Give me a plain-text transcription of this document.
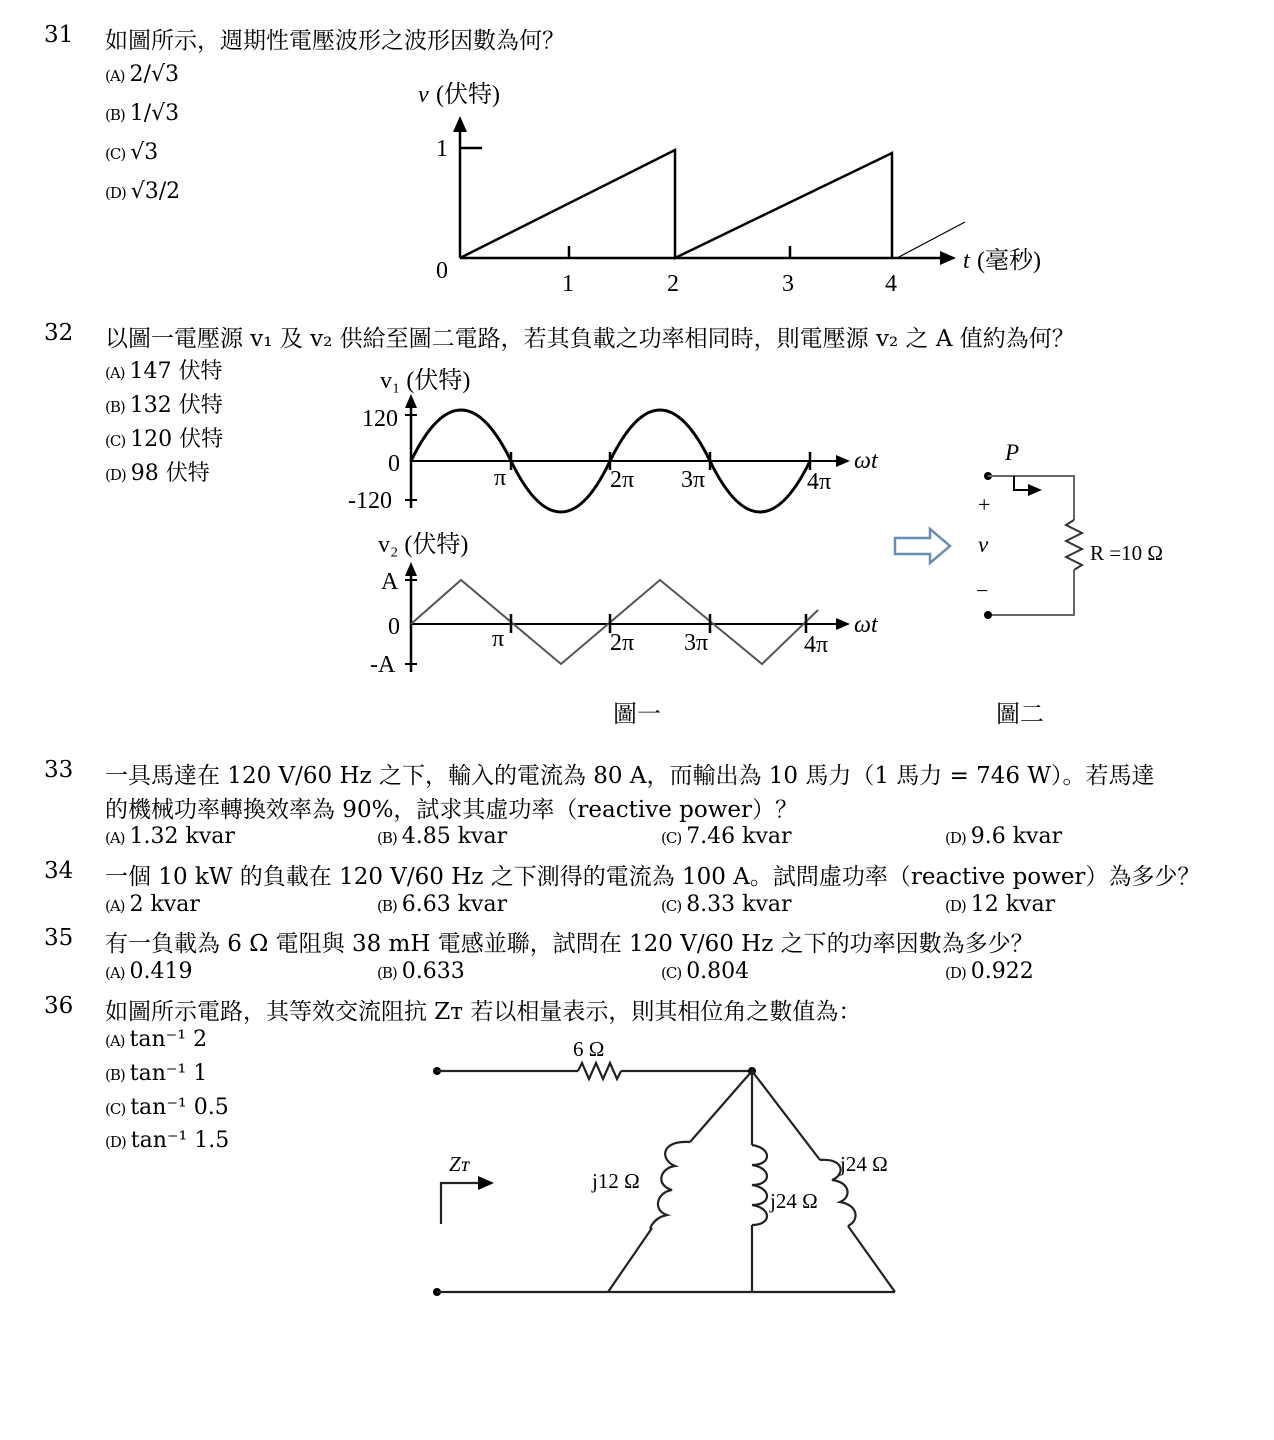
31 如圖所示，週期性電壓波形之波形因數為何？
(A) 2/√3
(B) 1/√3
(C) √3
(D) √3/2
v (伏特)
1
0	1	2	3	4
t (毫秒)
32 以圖一電壓源 v₁ 及 v₂ 供給至圖二電路，若其負載之功率相同時，則電壓源 v₂ 之 A 值約為何？
(A) 147 伏特
(B) 132 伏特
(C) 120 伏特
(D) 98 伏特
v₁ (伏特)
120
0
-120
π	2π 3π	4π
ωt
v₂ (伏特)
A
0
-A
π	2π 3π	4π
ωt
圖一
P
+
v
−
R =10 Ω
圖二
33 一具馬達在 120 V/60 Hz 之下，輸入的電流為 80 A，而輸出為 10 馬力（1 馬力 = 746 W）。若馬達
的機械功率轉換效率為 90%，試求其虛功率（reactive power）？
(A) 1.32 kvar	(B) 4.85 kvar	(C) 7.46 kvar	(D) 9.6 kvar
34 一個 10 kW 的負載在 120 V/60 Hz 之下測得的電流為 100 A。試問虛功率（reactive power）為多少？
(A) 2 kvar	(B) 6.63 kvar	(C) 8.33 kvar	(D) 12 kvar
35 有一負載為 6 Ω 電阻與 38 mH 電感並聯，試問在 120 V/60 Hz 之下的功率因數為多少？
(A) 0.419	(B) 0.633	(C) 0.804	(D) 0.922
36 如圖所示電路，其等效交流阻抗 Zᴛ 若以相量表示，則其相位角之數值為：
(A) tan⁻¹ 2
(B) tan⁻¹ 1
(C) tan⁻¹ 0.5
(D) tan⁻¹ 1.5
6 Ω
j12 Ω
j24 Ω
j24 Ω
Zᴛ
